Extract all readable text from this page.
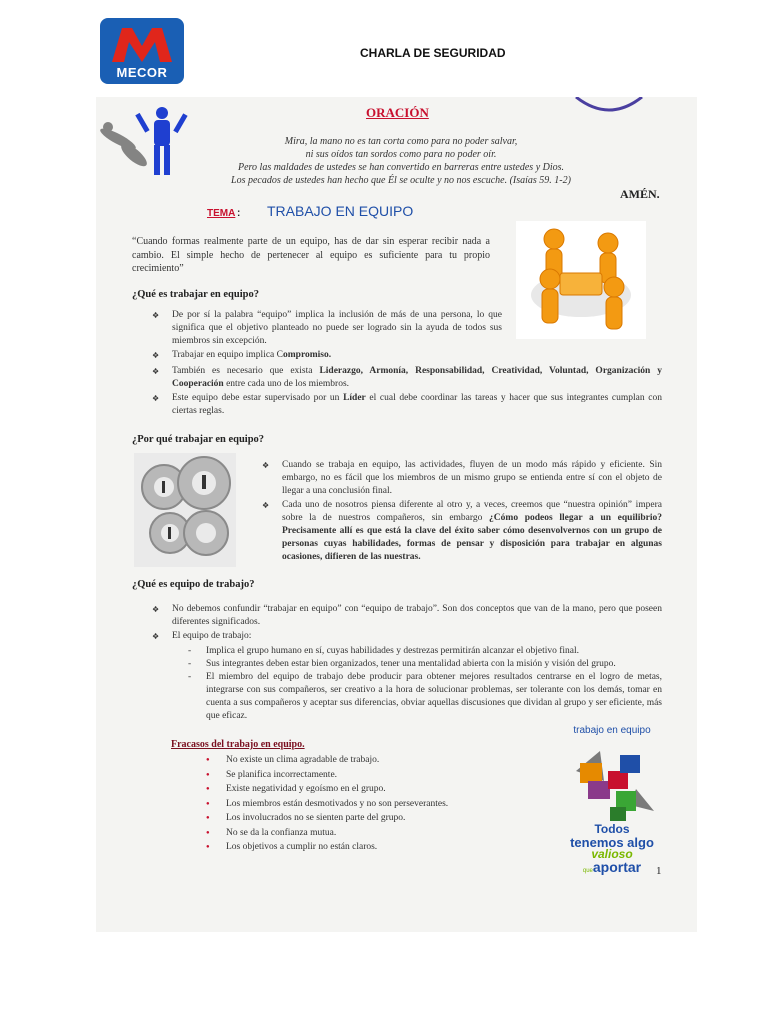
MECOR
CHARLA DE SEGURIDAD
ORACIÓN
Mira, la mano no es tan corta como para no poder salvar,
ni sus oídos tan sordos como para no poder oír.
Pero las maldades de ustedes se han convertido en barreras entre ustedes y Dios.
Los pecados de ustedes han hecho que Él se oculte y no nos escuche. (Isaías 59. 1-2)
AMÉN.
TEMA : TRABAJO EN EQUIPO
“Cuando formas realmente parte de un equipo, has de dar sin esperar recibir nada a cambio. El simple hecho de pertenecer al equipo es suficiente para tu propio crecimiento”
¿Qué es trabajar en equipo?
❖ De por sí la palabra “equipo” implica la inclusión de más de una persona, lo que significa que el objetivo planteado no puede ser logrado sin la ayuda de todos sus miembros sin excepción.
❖ Trabajar en equipo implica Compromiso.
❖ También es necesario que exista Liderazgo, Armonía, Responsabilidad, Creatividad, Voluntad, Organización y Cooperación entre cada uno de los miembros.
❖ Este equipo debe estar supervisado por un Líder el cual debe coordinar las tareas y hacer que sus integrantes cumplan con ciertas reglas.
¿Por qué trabajar en equipo?
❖ Cuando se trabaja en equipo, las actividades, fluyen de un modo más rápido y eficiente. Sin embargo, no es fácil que los miembros de un mismo grupo se entienda entre sí con el objeto de llegar a una conclusión final.
❖ Cada uno de nosotros piensa diferente al otro y, a veces, creemos que “nuestra opinión” impera sobre la de nuestros compañeros, sin embargo ¿Cómo podeos llegar a un equilibrio? Precisamente allí es que está la clave del éxito saber cómo desenvolvernos con un grupo de personas cuyas habilidades, formas de pensar y disposición para trabajar en algunas ocasiones, difieren de las nuestras.
¿Qué es equipo de trabajo?
❖ No debemos confundir “trabajar en equipo” con “equipo de trabajo”. Son dos conceptos que van de la mano, pero que poseen diferentes significados.
❖ El equipo de trabajo:
- Implica el grupo humano en sí, cuyas habilidades y destrezas permitirán alcanzar el objetivo final.
- Sus integrantes deben estar bien organizados, tener una mentalidad abierta con la misión y visión del grupo.
- El miembro del equipo de trabajo debe producir para obtener mejores resultados centrarse en el logro de metas, integrarse con sus compañeros, ser creativo a la hora de solucionar problemas, ser tolerante con los demás, tomar en cuenta a sus compañeros y aceptar sus diferencias, obviar aquellas discusiones que dividan al grupo y ser eficiente, más que eficaz.
Fracasos del trabajo en equipo.
● No existe un clima agradable de trabajo.
● Se planifica incorrectamente.
● Existe negatividad y egoísmo en el grupo.
● Los miembros están desmotivados y no son perseverantes.
● Los involucrados no se sienten parte del grupo.
● No se da la confianza mutua.
● Los objetivos a cumplir no están claros.
trabajo en equipo
Todos
tenemos algo
valioso
queaportar	1
